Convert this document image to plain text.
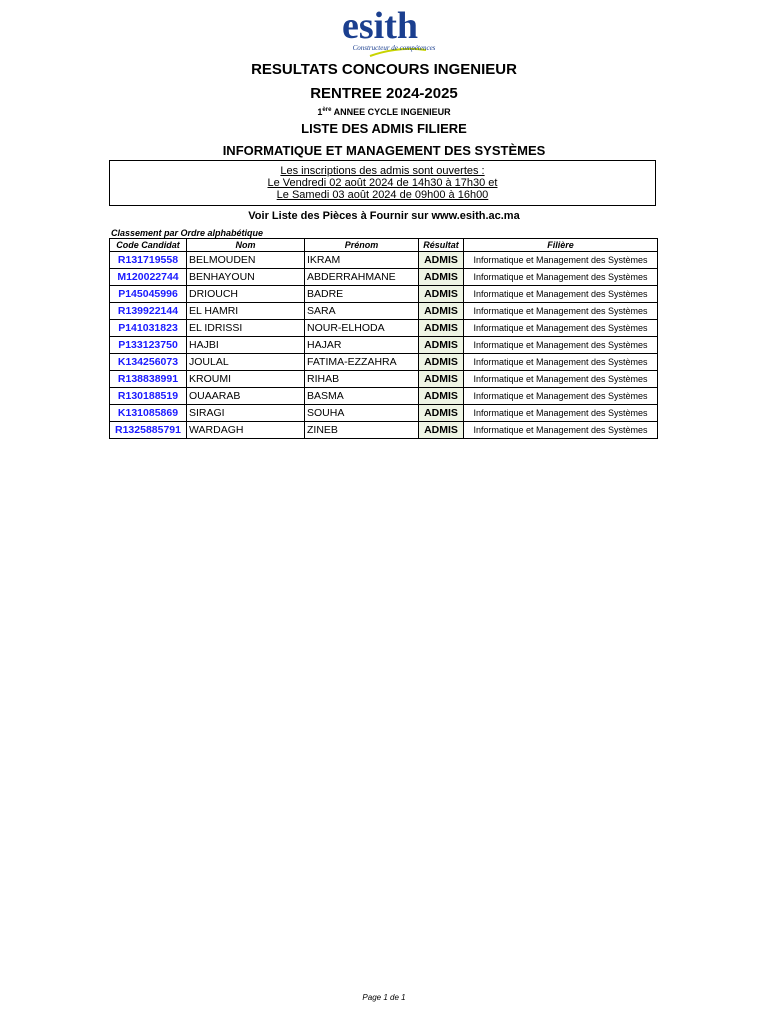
esith
Constructeur de compétences
RESULTATS CONCOURS INGENIEUR
RENTREE 2024-2025
1ère ANNEE CYCLE INGENIEUR
LISTE DES ADMIS FILIERE
INFORMATIQUE ET MANAGEMENT DES SYSTÈMES
Les inscriptions des admis sont ouvertes :
Le Vendredi 02 août 2024 de 14h30 à 17h30 et
Le Samedi 03 août 2024 de 09h00 à 16h00
Voir Liste des Pièces à Fournir sur www.esith.ac.ma
Classement par Ordre alphabétique
Code Candidat	Nom	Prénom	Résultat	Filière
R131719558	BELMOUDEN	IKRAM	ADMIS	Informatique et Management des Systèmes
M120022744	BENHAYOUN	ABDERRAHMANE	ADMIS	Informatique et Management des Systèmes
P145045996	DRIOUCH	BADRE	ADMIS	Informatique et Management des Systèmes
R139922144	EL HAMRI	SARA	ADMIS	Informatique et Management des Systèmes
P141031823	EL IDRISSI	NOUR-ELHODA	ADMIS	Informatique et Management des Systèmes
P133123750	HAJBI	HAJAR	ADMIS	Informatique et Management des Systèmes
K134256073	JOULAL	FATIMA-EZZAHRA	ADMIS	Informatique et Management des Systèmes
R138838991	KROUMI	RIHAB	ADMIS	Informatique et Management des Systèmes
R130188519	OUAARAB	BASMA	ADMIS	Informatique et Management des Systèmes
K131085869	SIRAGI	SOUHA	ADMIS	Informatique et Management des Systèmes
R1325885791	WARDAGH	ZINEB	ADMIS	Informatique et Management des Systèmes
Page 1 de 1
